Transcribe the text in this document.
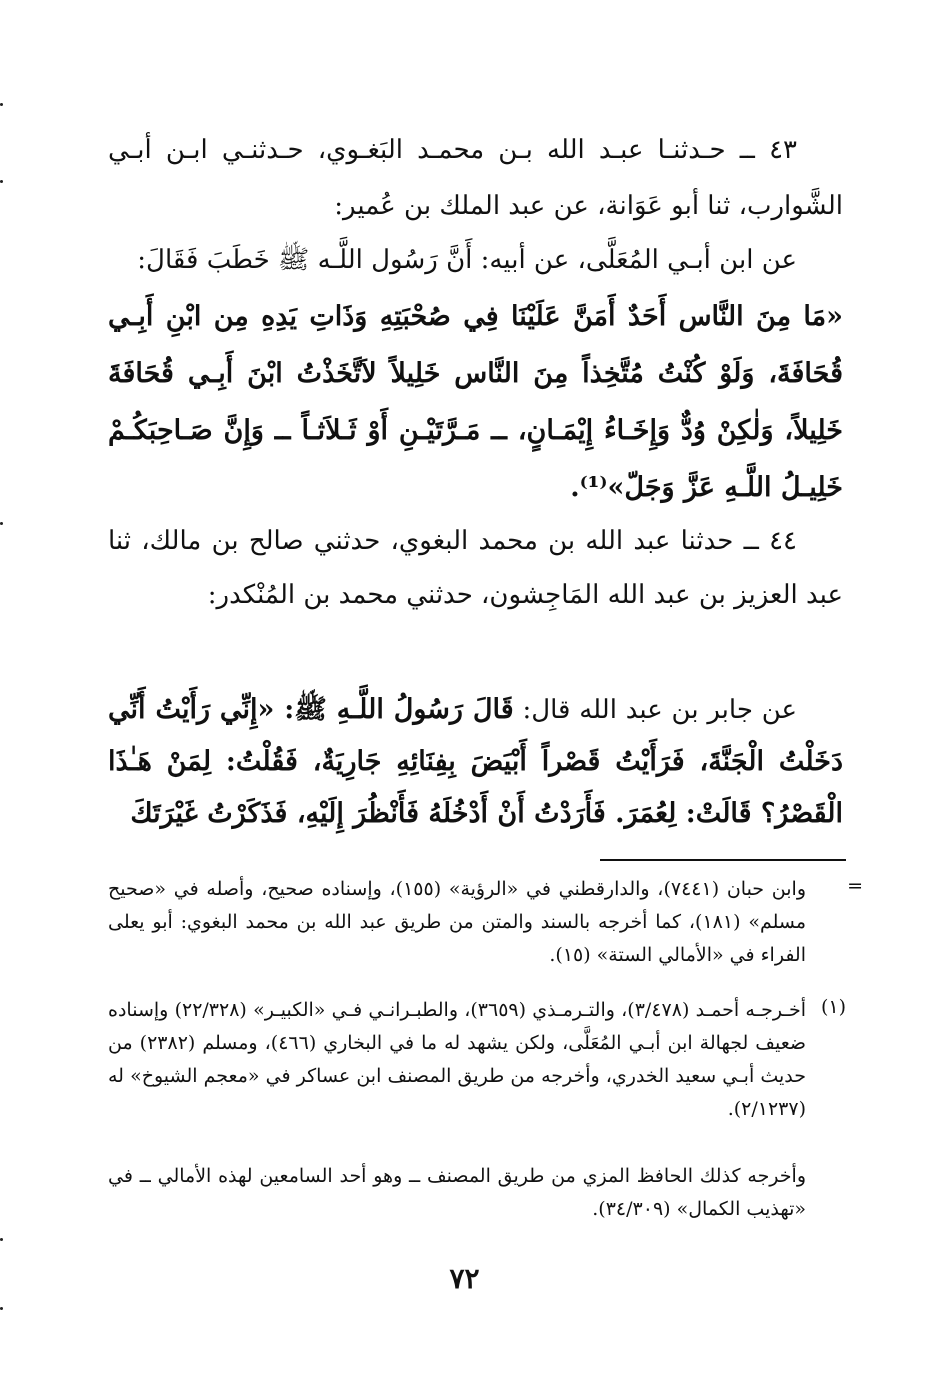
٤٣ ــ حـدثنـا عبـد الله بـن محمـد البَغـوي، حـدثنـي ابـن أبـي الشَّوارب، ثنا أبو عَوَانة، عن عبد الملك بن عُمير:

عن ابن أبـي المُعَلَّى، عن أبيه: أَنَّ رَسُول اللَّـه ﷺ خَطَبَ فَقَالَ:

«مَا مِنَ النَّاس أَحَدٌ أَمَنَّ عَلَيْنَا فِي صُحْبَتِهِ وَذَاتِ يَدِهِ مِن ابْنِ أَبِـي قُحَافَةَ، وَلَوْ كُنْتُ مُتَّخِذاً مِنَ النَّاس خَلِيلاً لاَتَّخَذْتُ ابْنَ أَبِـي قُحَافَةَ خَلِيلاً، وَلٰكِنْ وُدٌّ وَإِخَـاءُ إِيْمَـانٍ، ــ مَـرَّتَيْـنِ أَوْ ثَـلاَثـاً ــ وَإِنَّ صَـاحِبَكُـمْ خَلِيـلُ اللَّـهِ عَزَّ وَجَلّ»⁽¹⁾.

٤٤ ــ حدثنا عبد الله بن محمد البغوي، حدثني صالح بن مالك، ثنا عبد العزيز بن عبد الله المَاجِشون، حدثني محمد بن المُنْكدر:

عن جابر بن عبد الله قال: قَالَ رَسُولُ اللَّـهِ ﷺ: «إِنِّي رَأَيْتُ أَنِّي دَخَلْتُ الْجَنَّةَ، فَرَأَيْتُ قَصْراً أَبْيَضَ بِفِنَائِهِ جَارِيَةٌ، فَقُلْتُ: لِمَنْ هَـٰذَا الْقَصْرُ؟ قَالَتْ: لِعُمَرَ. فَأَرَدْتُ أَنْ أَدْخُلَهُ فَأَنْظُرَ إِلَيْهِ، فَذَكَرْتُ غَيْرَتَكَ

=

وابن حبان (٧٤٤١)، والدارقطني في «الرؤية» (١٥٥)، وإسناده صحيح، وأصله في «صحيح مسلم» (١٨١)، كما أخرجه بالسند والمتن من طريق عبد الله بن محمد البغوي: أبو يعلى الفراء في «الأمالي الستة» (١٥).

(١)

أخـرجـه أحمـد (٣/٤٧٨)، والتـرمـذي (٣٦٥٩)، والطبـرانـي فـي «الكبيـر» (٢٢/٣٢٨) وإسناده ضعيف لجهالة ابن أبـي المُعَلَّى، ولكن يشهد له ما في البخاري (٤٦٦)، ومسلم (٢٣٨٢) من حديث أبـي سعيد الخدري، وأخرجه من طريق المصنف ابن عساكر في «معجم الشيوخ» له (٢/١٢٣٧).

وأخرجه كذلك الحافظ المزي من طريق المصنف ــ وهو أحد السامعين لهذه الأمالي ــ في «تهذيب الكمال» (٣٤/٣٠٩).

٧٢
